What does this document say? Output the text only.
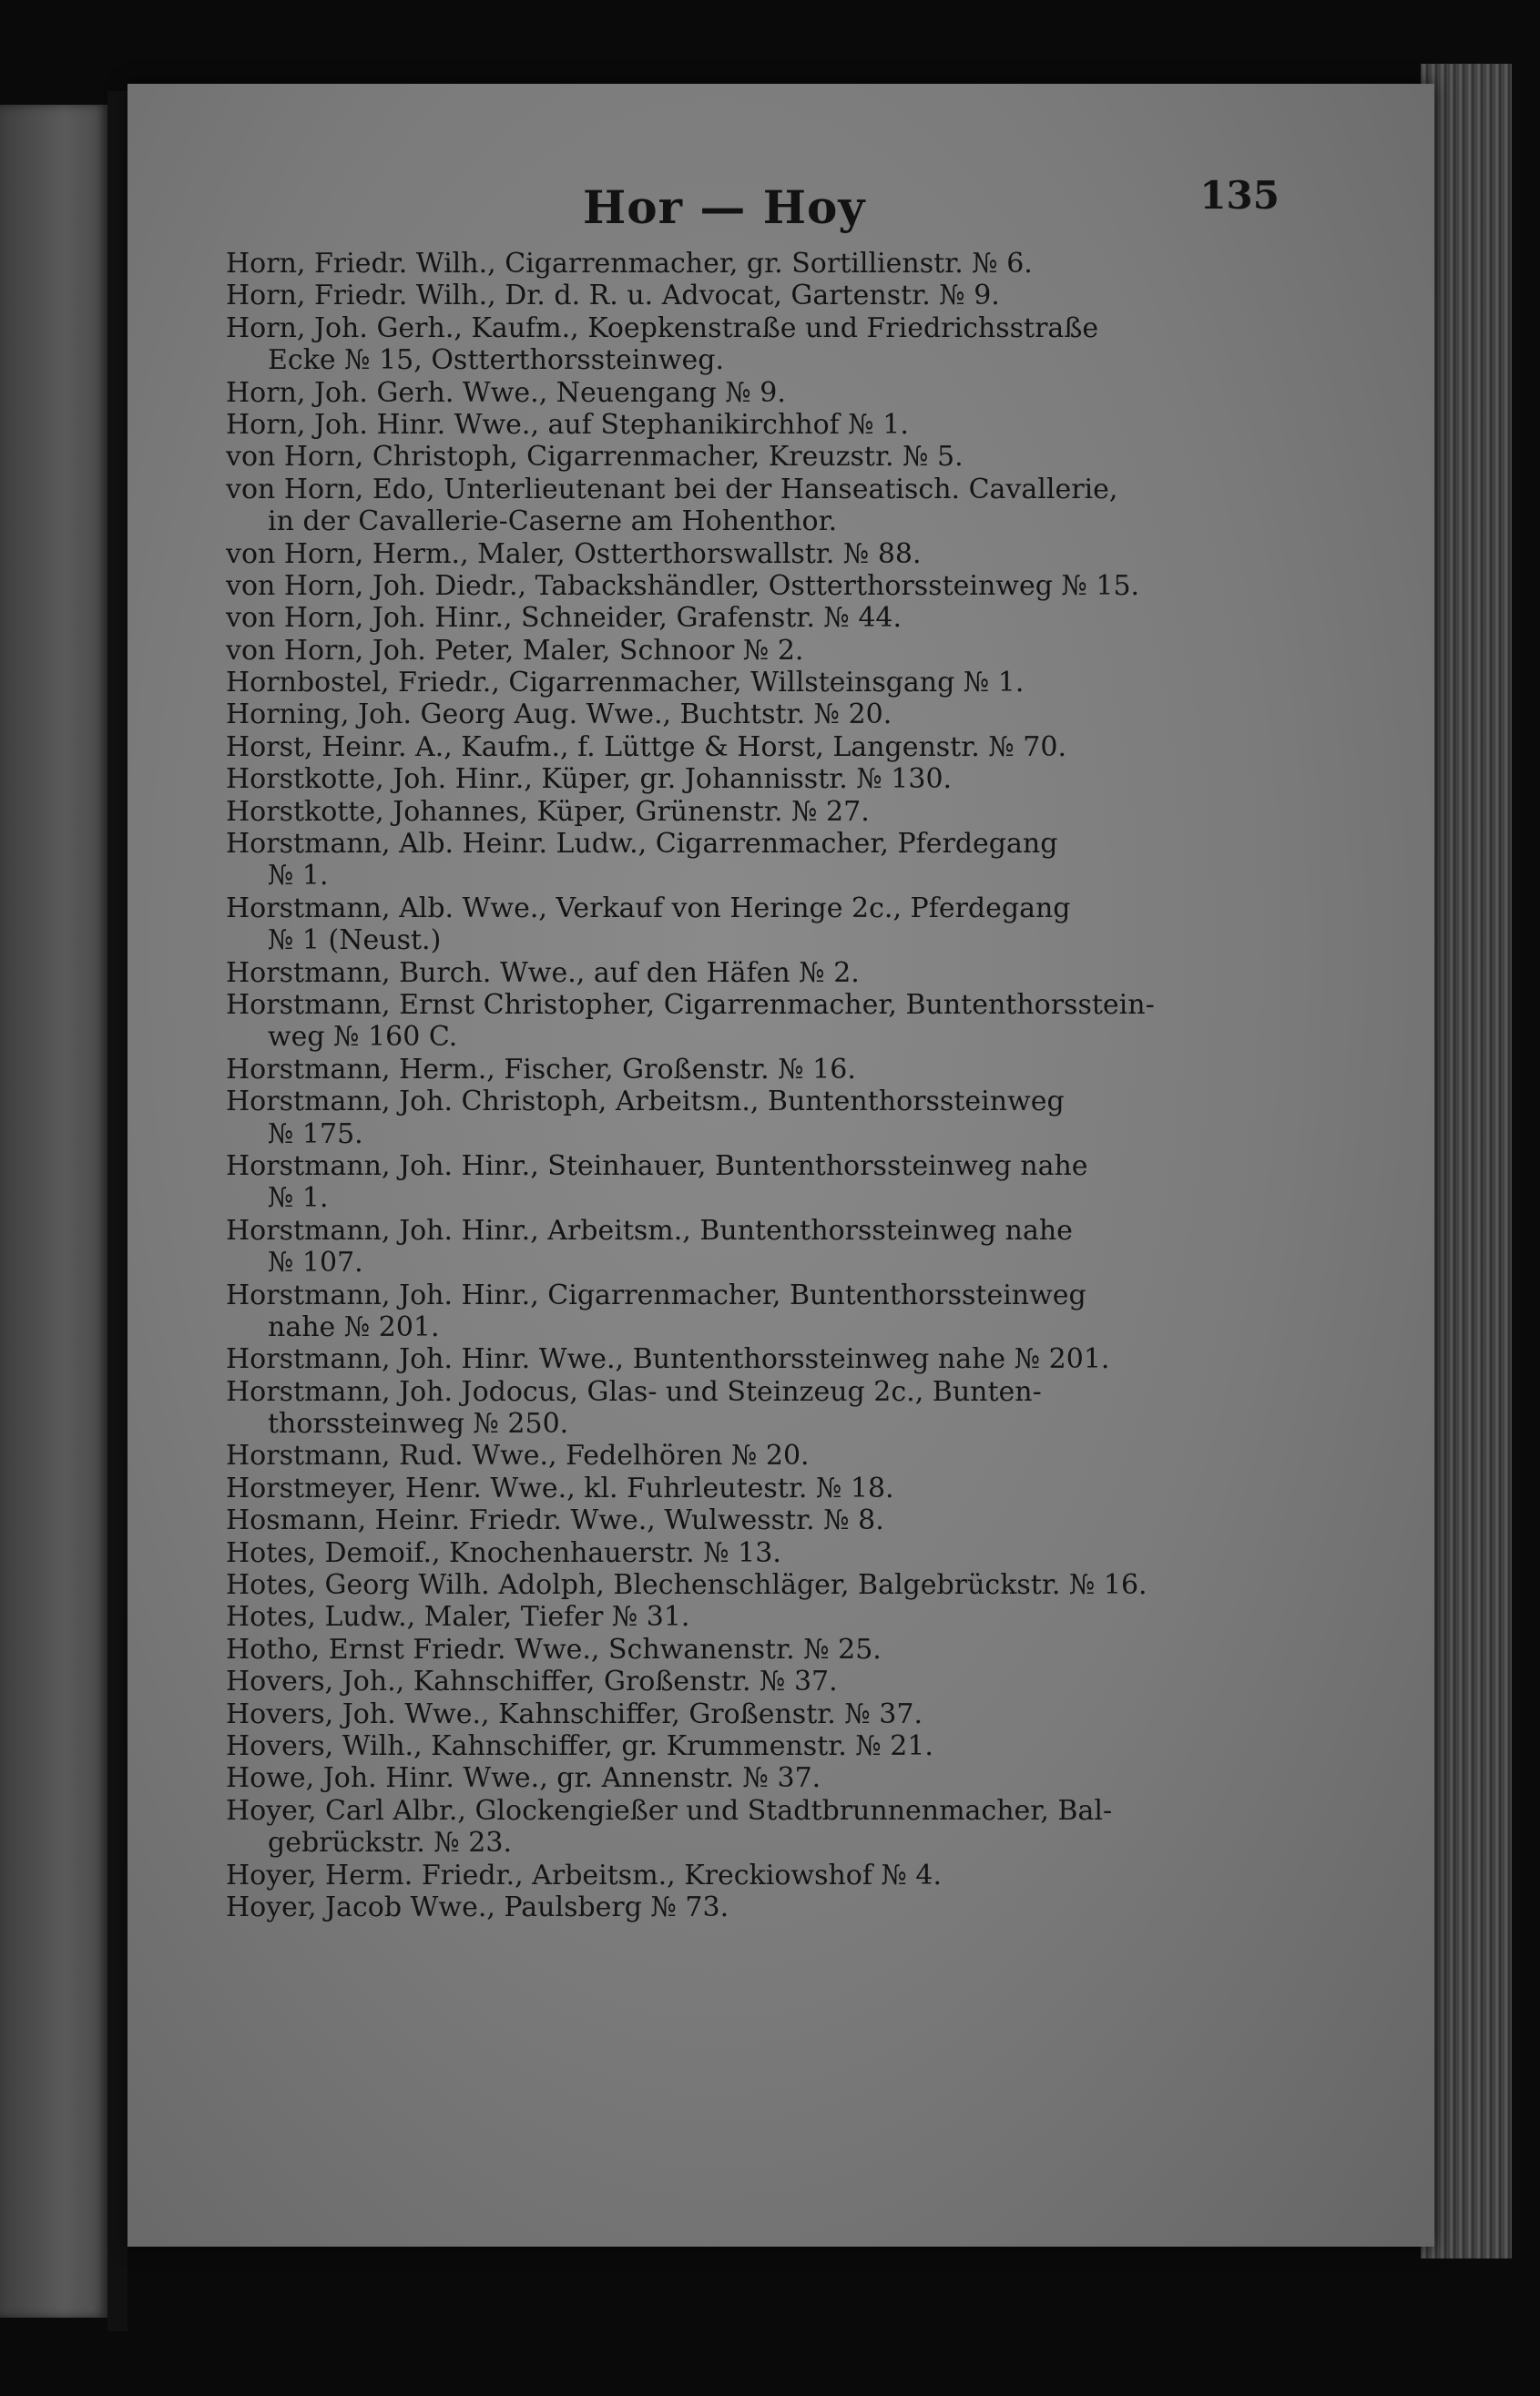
Hor — Hoy	135
Horn, Friedr. Wilh., Cigarrenmacher, gr. Sortillienstr. № 6.
Horn, Friedr. Wilh., Dr. d. R. u. Advocat, Gartenstr. № 9.
Horn, Joh. Gerh., Kaufm., Koepkenstraße und Friedrichsstraße
Ecke № 15, Ostterthorssteinweg.
Horn, Joh. Gerh. Wwe., Neuengang № 9.
Horn, Joh. Hinr. Wwe., auf Stephanikirchhof № 1.
von Horn, Christoph, Cigarrenmacher, Kreuzstr. № 5.
von Horn, Edo, Unterlieutenant bei der Hanseatisch. Cavallerie,
in der Cavallerie-Caserne am Hohenthor.
von Horn, Herm., Maler, Ostterthorswallstr. № 88.
von Horn, Joh. Diedr., Tabackshändler, Ostterthorssteinweg № 15.
von Horn, Joh. Hinr., Schneider, Grafenstr. № 44.
von Horn, Joh. Peter, Maler, Schnoor № 2.
Hornbostel, Friedr., Cigarrenmacher, Willsteinsgang № 1.
Horning, Joh. Georg Aug. Wwe., Buchtstr. № 20.
Horst, Heinr. A., Kaufm., f. Lüttge & Horst, Langenstr. № 70.
Horstkotte, Joh. Hinr., Küper, gr. Johannisstr. № 130.
Horstkotte, Johannes, Küper, Grünenstr. № 27.
Horstmann, Alb. Heinr. Ludw., Cigarrenmacher, Pferdegang
№ 1.
Horstmann, Alb. Wwe., Verkauf von Heringe 2c., Pferdegang
№ 1 (Neust.)
Horstmann, Burch. Wwe., auf den Häfen № 2.
Horstmann, Ernst Christopher, Cigarrenmacher, Buntenthorsstein-
weg № 160 C.
Horstmann, Herm., Fischer, Großenstr. № 16.
Horstmann, Joh. Christoph, Arbeitsm., Buntenthorssteinweg
№ 175.
Horstmann, Joh. Hinr., Steinhauer, Buntenthorssteinweg nahe
№ 1.
Horstmann, Joh. Hinr., Arbeitsm., Buntenthorssteinweg nahe
№ 107.
Horstmann, Joh. Hinr., Cigarrenmacher, Buntenthorssteinweg
nahe № 201.
Horstmann, Joh. Hinr. Wwe., Buntenthorssteinweg nahe № 201.
Horstmann, Joh. Jodocus, Glas- und Steinzeug 2c., Bunten-
thorssteinweg № 250.
Horstmann, Rud. Wwe., Fedelhören № 20.
Horstmeyer, Henr. Wwe., kl. Fuhrleutestr. № 18.
Hosmann, Heinr. Friedr. Wwe., Wulwesstr. № 8.
Hotes, Demoif., Knochenhauerstr. № 13.
Hotes, Georg Wilh. Adolph, Blechenschläger, Balgebrückstr. № 16.
Hotes, Ludw., Maler, Tiefer № 31.
Hotho, Ernst Friedr. Wwe., Schwanenstr. № 25.
Hovers, Joh., Kahnschiffer, Großenstr. № 37.
Hovers, Joh. Wwe., Kahnschiffer, Großenstr. № 37.
Hovers, Wilh., Kahnschiffer, gr. Krummenstr. № 21.
Howe, Joh. Hinr. Wwe., gr. Annenstr. № 37.
Hoyer, Carl Albr., Glockengießer und Stadtbrunnenmacher, Bal-
gebrückstr. № 23.
Hoyer, Herm. Friedr., Arbeitsm., Kreckiowshof № 4.
Hoyer, Jacob Wwe., Paulsberg № 73.
